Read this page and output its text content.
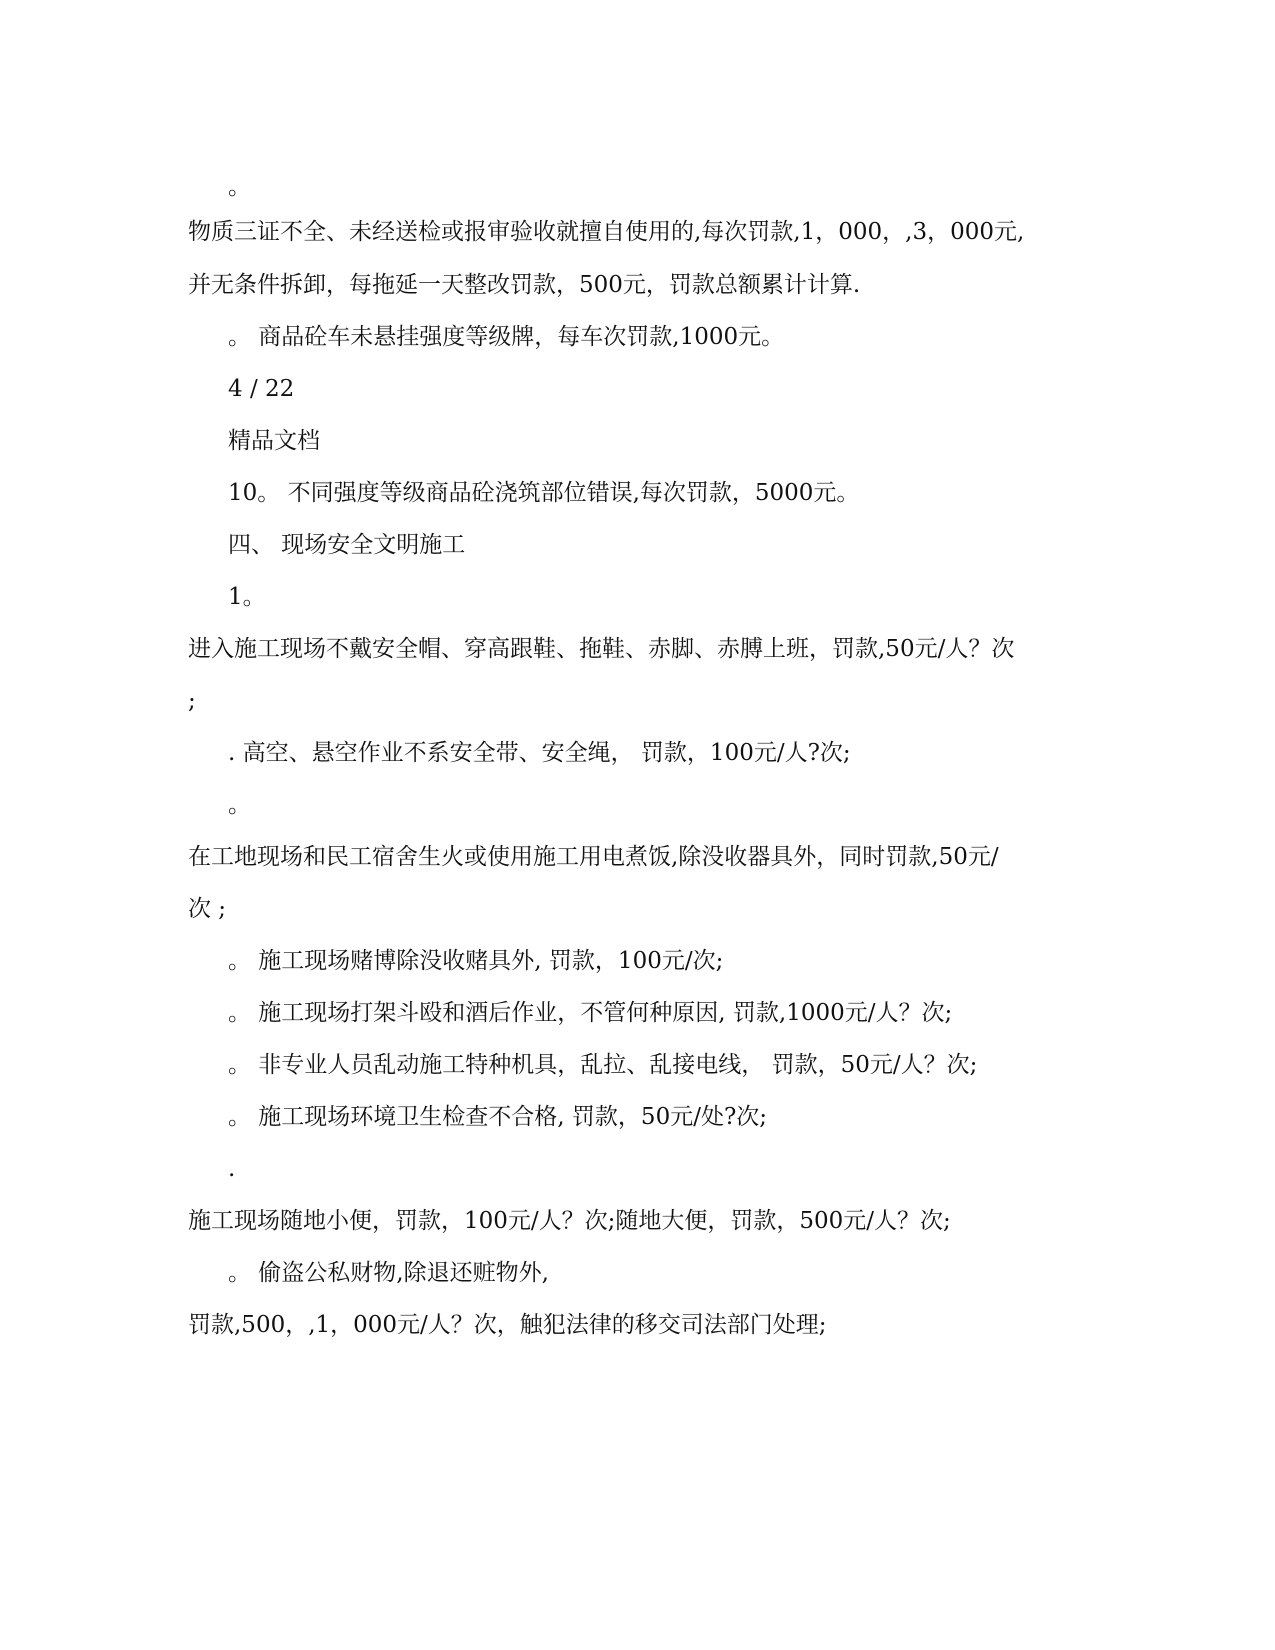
。
物质三证不全、未经送检或报审验收就擅自使用的,每次罚款,1，000，,3，000元,
并无条件拆卸，每拖延一天整改罚款，500元，罚款总额累计计算.
。 商品砼车未悬挂强度等级牌，每车次罚款,1000元。
4 / 22
精品文档
10。 不同强度等级商品砼浇筑部位错误,每次罚款，5000元。
四、 现场安全文明施工
1。
进入施工现场不戴安全帽、穿高跟鞋、拖鞋、赤脚、赤膊上班，罚款,50元/人？次
;
. 高空、悬空作业不系安全带、安全绳， 罚款，100元/人?次;
。
在工地现场和民工宿舍生火或使用施工用电煮饭,除没收器具外，同时罚款,50元/
次 ;
。 施工现场赌博除没收赌具外, 罚款，100元/次;
。 施工现场打架斗殴和酒后作业，不管何种原因, 罚款,1000元/人？次;
。 非专业人员乱动施工特种机具，乱拉、乱接电线， 罚款，50元/人？次;
。 施工现场环境卫生检查不合格, 罚款，50元/处?次;
.
施工现场随地小便，罚款，100元/人？次;随地大便，罚款，500元/人？次;
。 偷盗公私财物,除退还赃物外,
罚款,500，,1，000元/人？次，触犯法律的移交司法部门处理;
